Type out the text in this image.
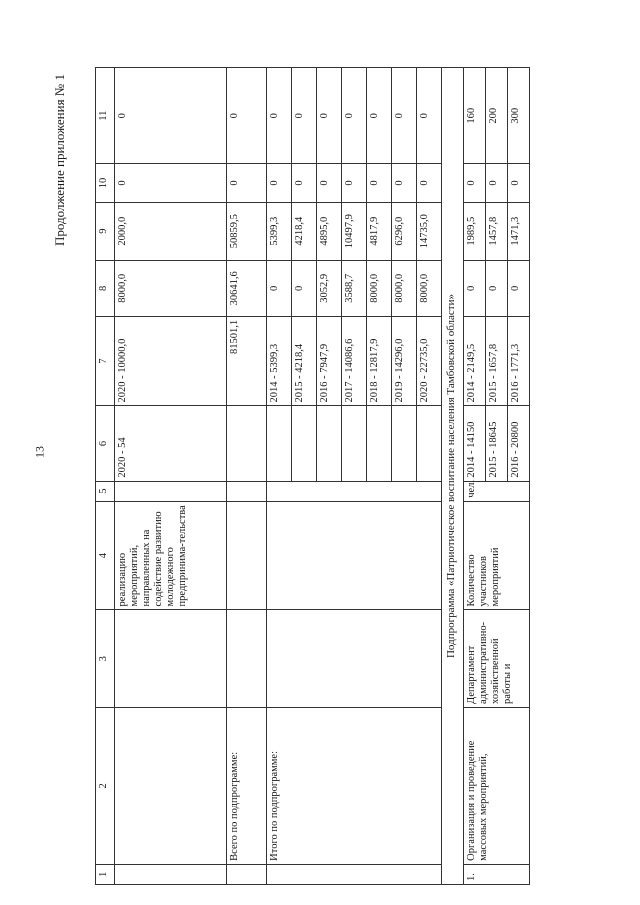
13
Продолжение приложения № 1
1	2	3	4	5	6	7	8	9	10	11
			реализацию мероприятий, направленных на содействие развитию молодежного предпринима-тельства		2020 - 54	2020 - 10000,0	8000,0	2000,0	0	0
	Всего по подпрограмме:					81501,1	30641,6	50859,5	0	0
	Итого по подпрограмме:					2014 - 5399,3	0	5399,3	0	0
						2015 - 4218,4	0	4218,4	0	0
						2016 - 7947,9	3052,9	4895,0	0	0
						2017 - 14086,6	3588,7	10497,9	0	0
						2018 - 12817,9	8000,0	4817,9	0	0
						2019 - 14296,0	8000,0	6296,0	0	0
						2020 - 22735,0	8000,0	14735,0	0	0
Подпрограмма «Патриотическое воспитание населения Тамбовской области»										
1.	Организация и проведение массовых мероприятий,	Департамент административно-хозяйственной работы и	Количество участников мероприятий	чел.	2014 - 14150	2014 - 2149,5	0	1989,5	0	160
					2015 - 18645	2015 - 1657,8	0	1457,8	0	200
					2016 - 20800	2016 - 1771,3	0	1471,3	0	300
